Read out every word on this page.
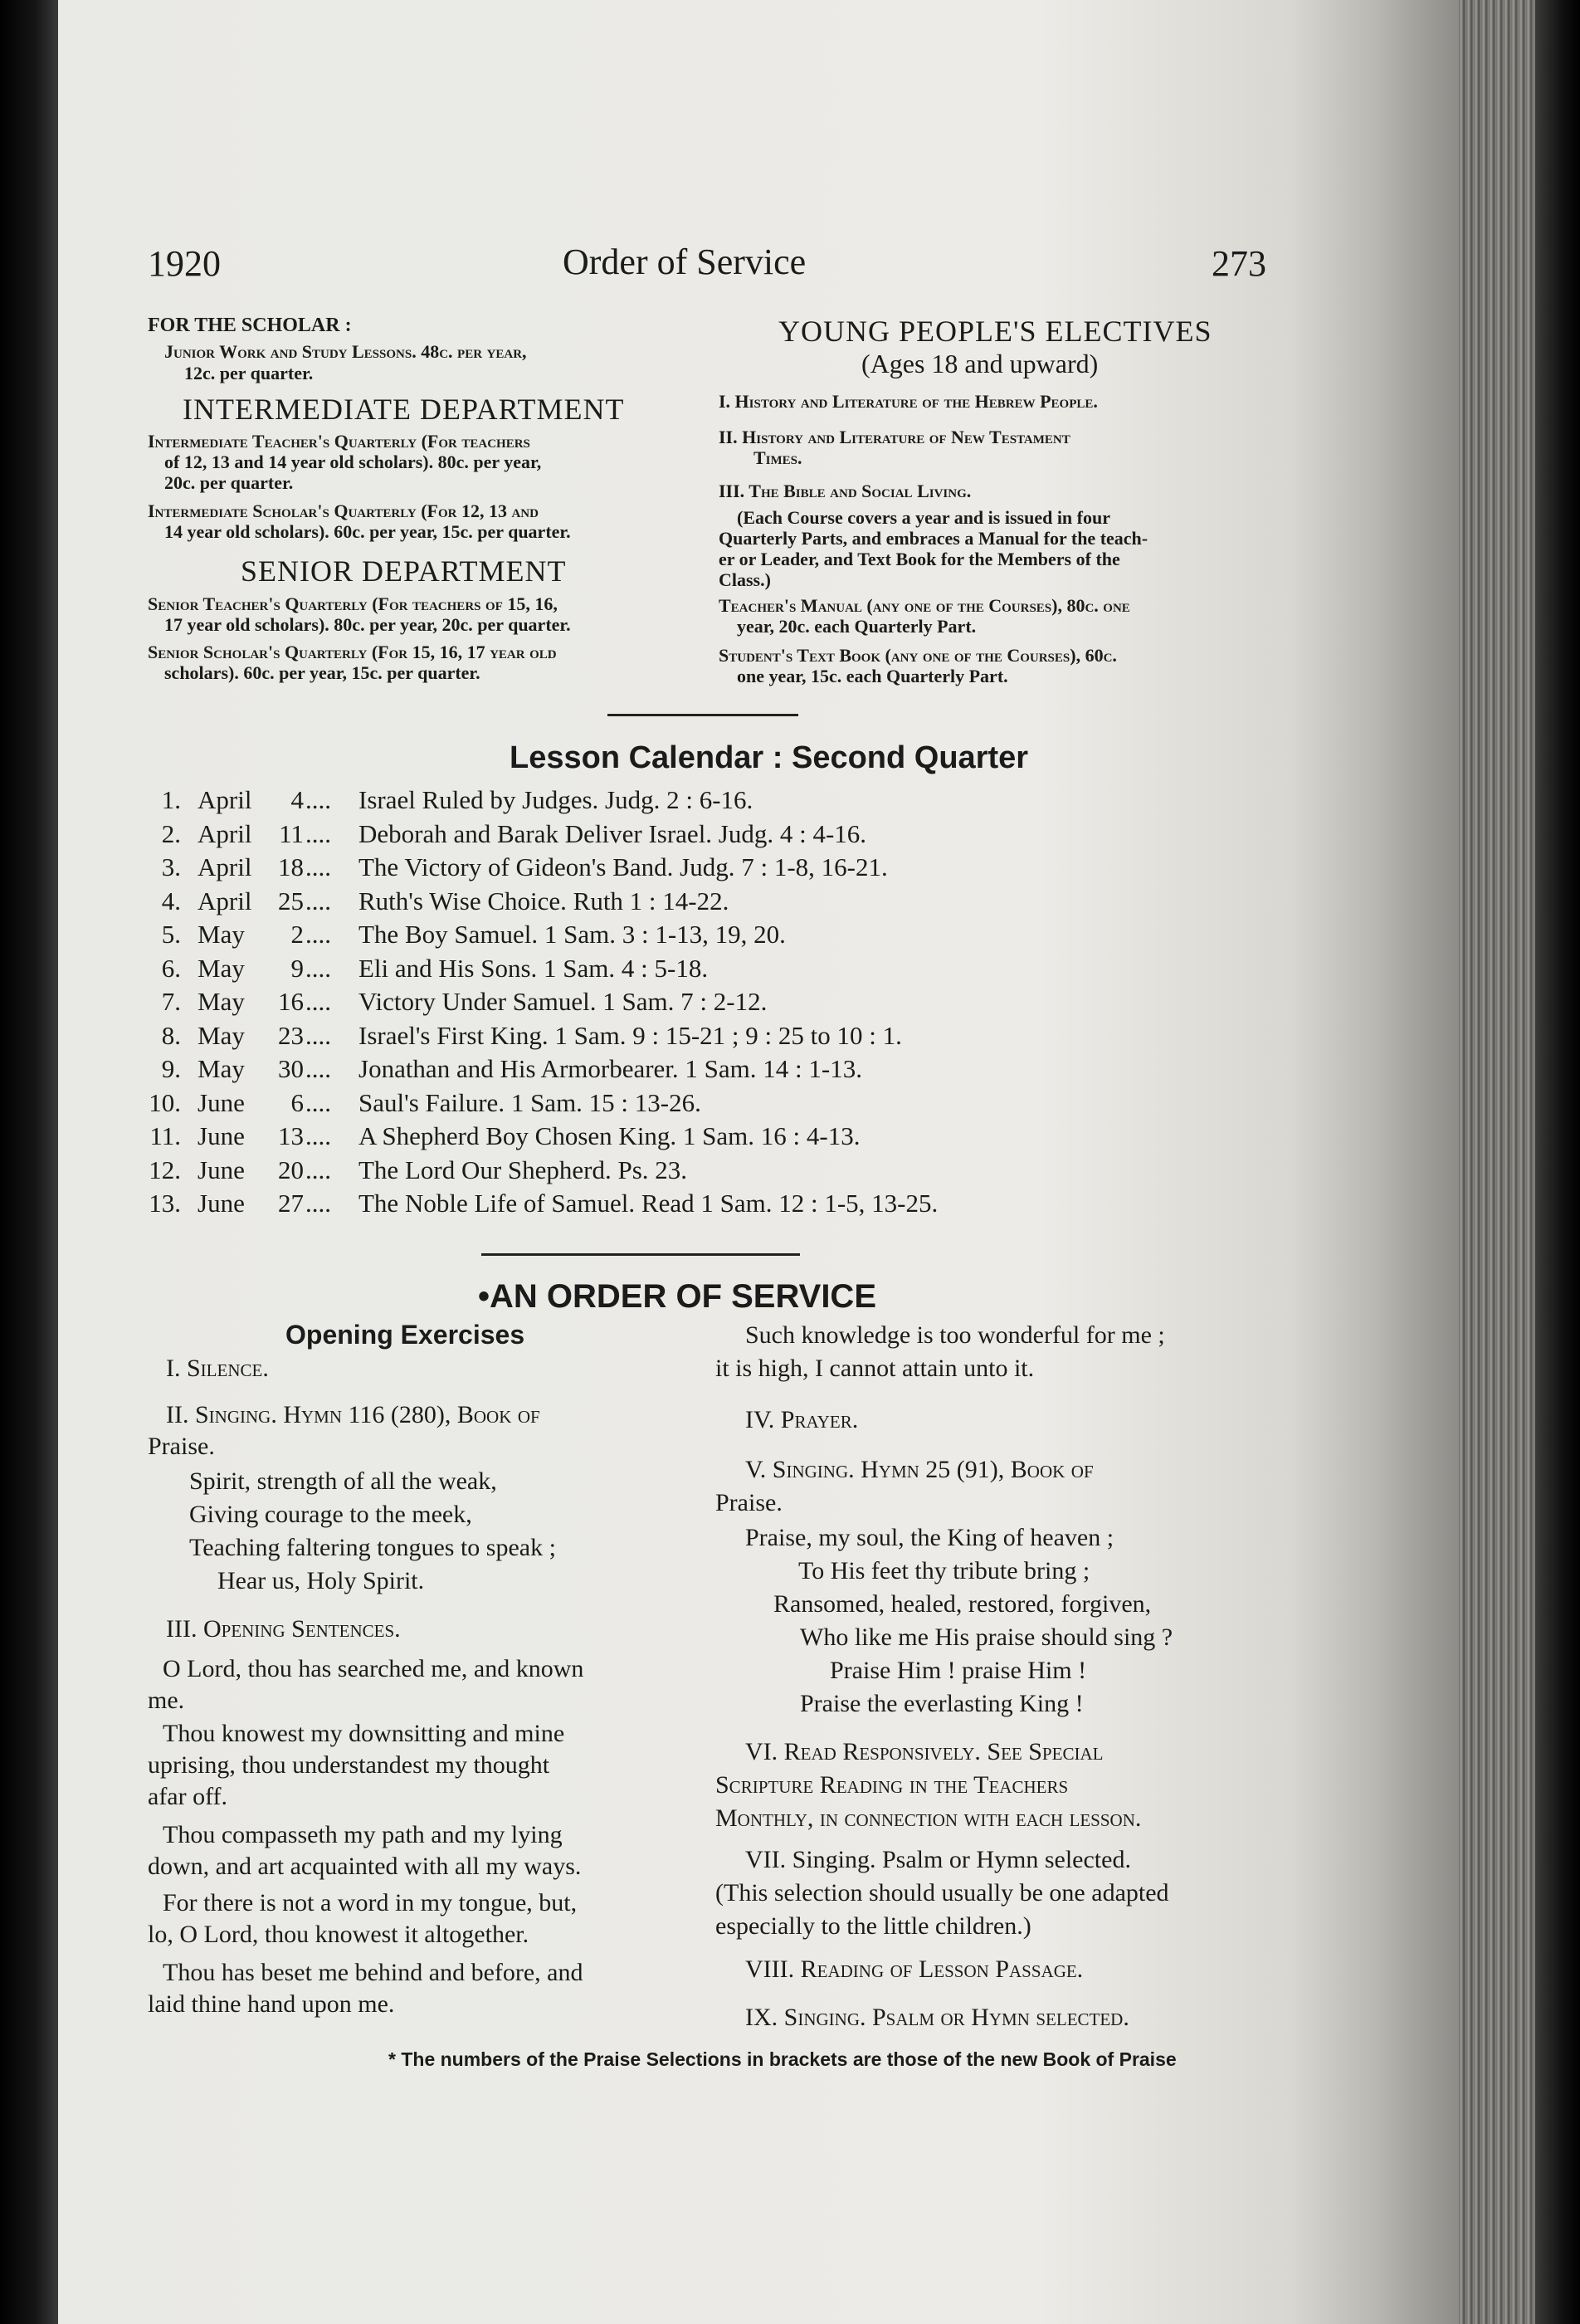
1920	Order of Service	273
FOR THE SCHOLAR :
Junior Work and Study Lessons. 48c. per year,
12c. per quarter.
INTERMEDIATE DEPARTMENT
Intermediate Teacher's Quarterly (For teachers
of 12, 13 and 14 year old scholars). 80c. per year,
20c. per quarter.
Intermediate Scholar's Quarterly (For 12, 13 and
14 year old scholars). 60c. per year, 15c. per quarter.
SENIOR DEPARTMENT
Senior Teacher's Quarterly (For teachers of 15, 16,
17 year old scholars). 80c. per year, 20c. per quarter.
Senior Scholar's Quarterly (For 15, 16, 17 year old
scholars). 60c. per year, 15c. per quarter.
YOUNG PEOPLE'S ELECTIVES
(Ages 18 and upward)
I. History and Literature of the Hebrew People.
II. History and Literature of New Testament
Times.
III. The Bible and Social Living.
(Each Course covers a year and is issued in four
Quarterly Parts, and embraces a Manual for the teach-
er or Leader, and Text Book for the Members of the
Class.)
Teacher's Manual (any one of the Courses), 80c. one
year, 20c. each Quarterly Part.
Student's Text Book (any one of the Courses), 60c.
one year, 15c. each Quarterly Part.
Lesson Calendar : Second Quarter
1. April	4 .... Israel Ruled by Judges. Judg. 2 : 6-16.
2. April	11 .... Deborah and Barak Deliver Israel. Judg. 4 : 4-16.
3. April	18 .... The Victory of Gideon's Band. Judg. 7 : 1-8, 16-21.
4. April	25 .... Ruth's Wise Choice. Ruth 1 : 14-22.
5. May	2 .... The Boy Samuel. 1 Sam. 3 : 1-13, 19, 20.
6. May	9 .... Eli and His Sons. 1 Sam. 4 : 5-18.
7. May	16 .... Victory Under Samuel. 1 Sam. 7 : 2-12.
8. May	23 .... Israel's First King. 1 Sam. 9 : 15-21 ; 9 : 25 to 10 : 1.
9. May	30 .... Jonathan and His Armorbearer. 1 Sam. 14 : 1-13.
10. June	6 .... Saul's Failure. 1 Sam. 15 : 13-26.
11. June	13 .... A Shepherd Boy Chosen King. 1 Sam. 16 : 4-13.
12. June	20 .... The Lord Our Shepherd. Ps. 23.
13. June	27 .... The Noble Life of Samuel. Read 1 Sam. 12 : 1-5, 13-25.
•AN ORDER OF SERVICE
Opening Exercises
I. Silence.
II. Singing. Hymn 116 (280), Book of
Praise.
Spirit, strength of all the weak,
Giving courage to the meek,
Teaching faltering tongues to speak ;
Hear us, Holy Spirit.
III. Opening Sentences.
O Lord, thou has searched me, and known
me.
Thou knowest my downsitting and mine
uprising, thou understandest my thought
afar off.
Thou compasseth my path and my lying
down, and art acquainted with all my ways.
For there is not a word in my tongue, but,
lo, O Lord, thou knowest it altogether.
Thou has beset me behind and before, and
laid thine hand upon me.
Such knowledge is too wonderful for me ;
it is high, I cannot attain unto it.
IV. Prayer.
V. Singing. Hymn 25 (91), Book of
Praise.
Praise, my soul, the King of heaven ;
To His feet thy tribute bring ;
Ransomed, healed, restored, forgiven,
Who like me His praise should sing ?
Praise Him ! praise Him !
Praise the everlasting King !
VI. Read Responsively. See Special
Scripture Reading in the Teachers
Monthly, in connection with each lesson.
VII. Singing. Psalm or Hymn selected.
(This selection should usually be one adapted
especially to the little children.)
VIII. Reading of Lesson Passage.
IX. Singing. Psalm or Hymn selected.
* The numbers of the Praise Selections in brackets are those of the new Book of Praise
